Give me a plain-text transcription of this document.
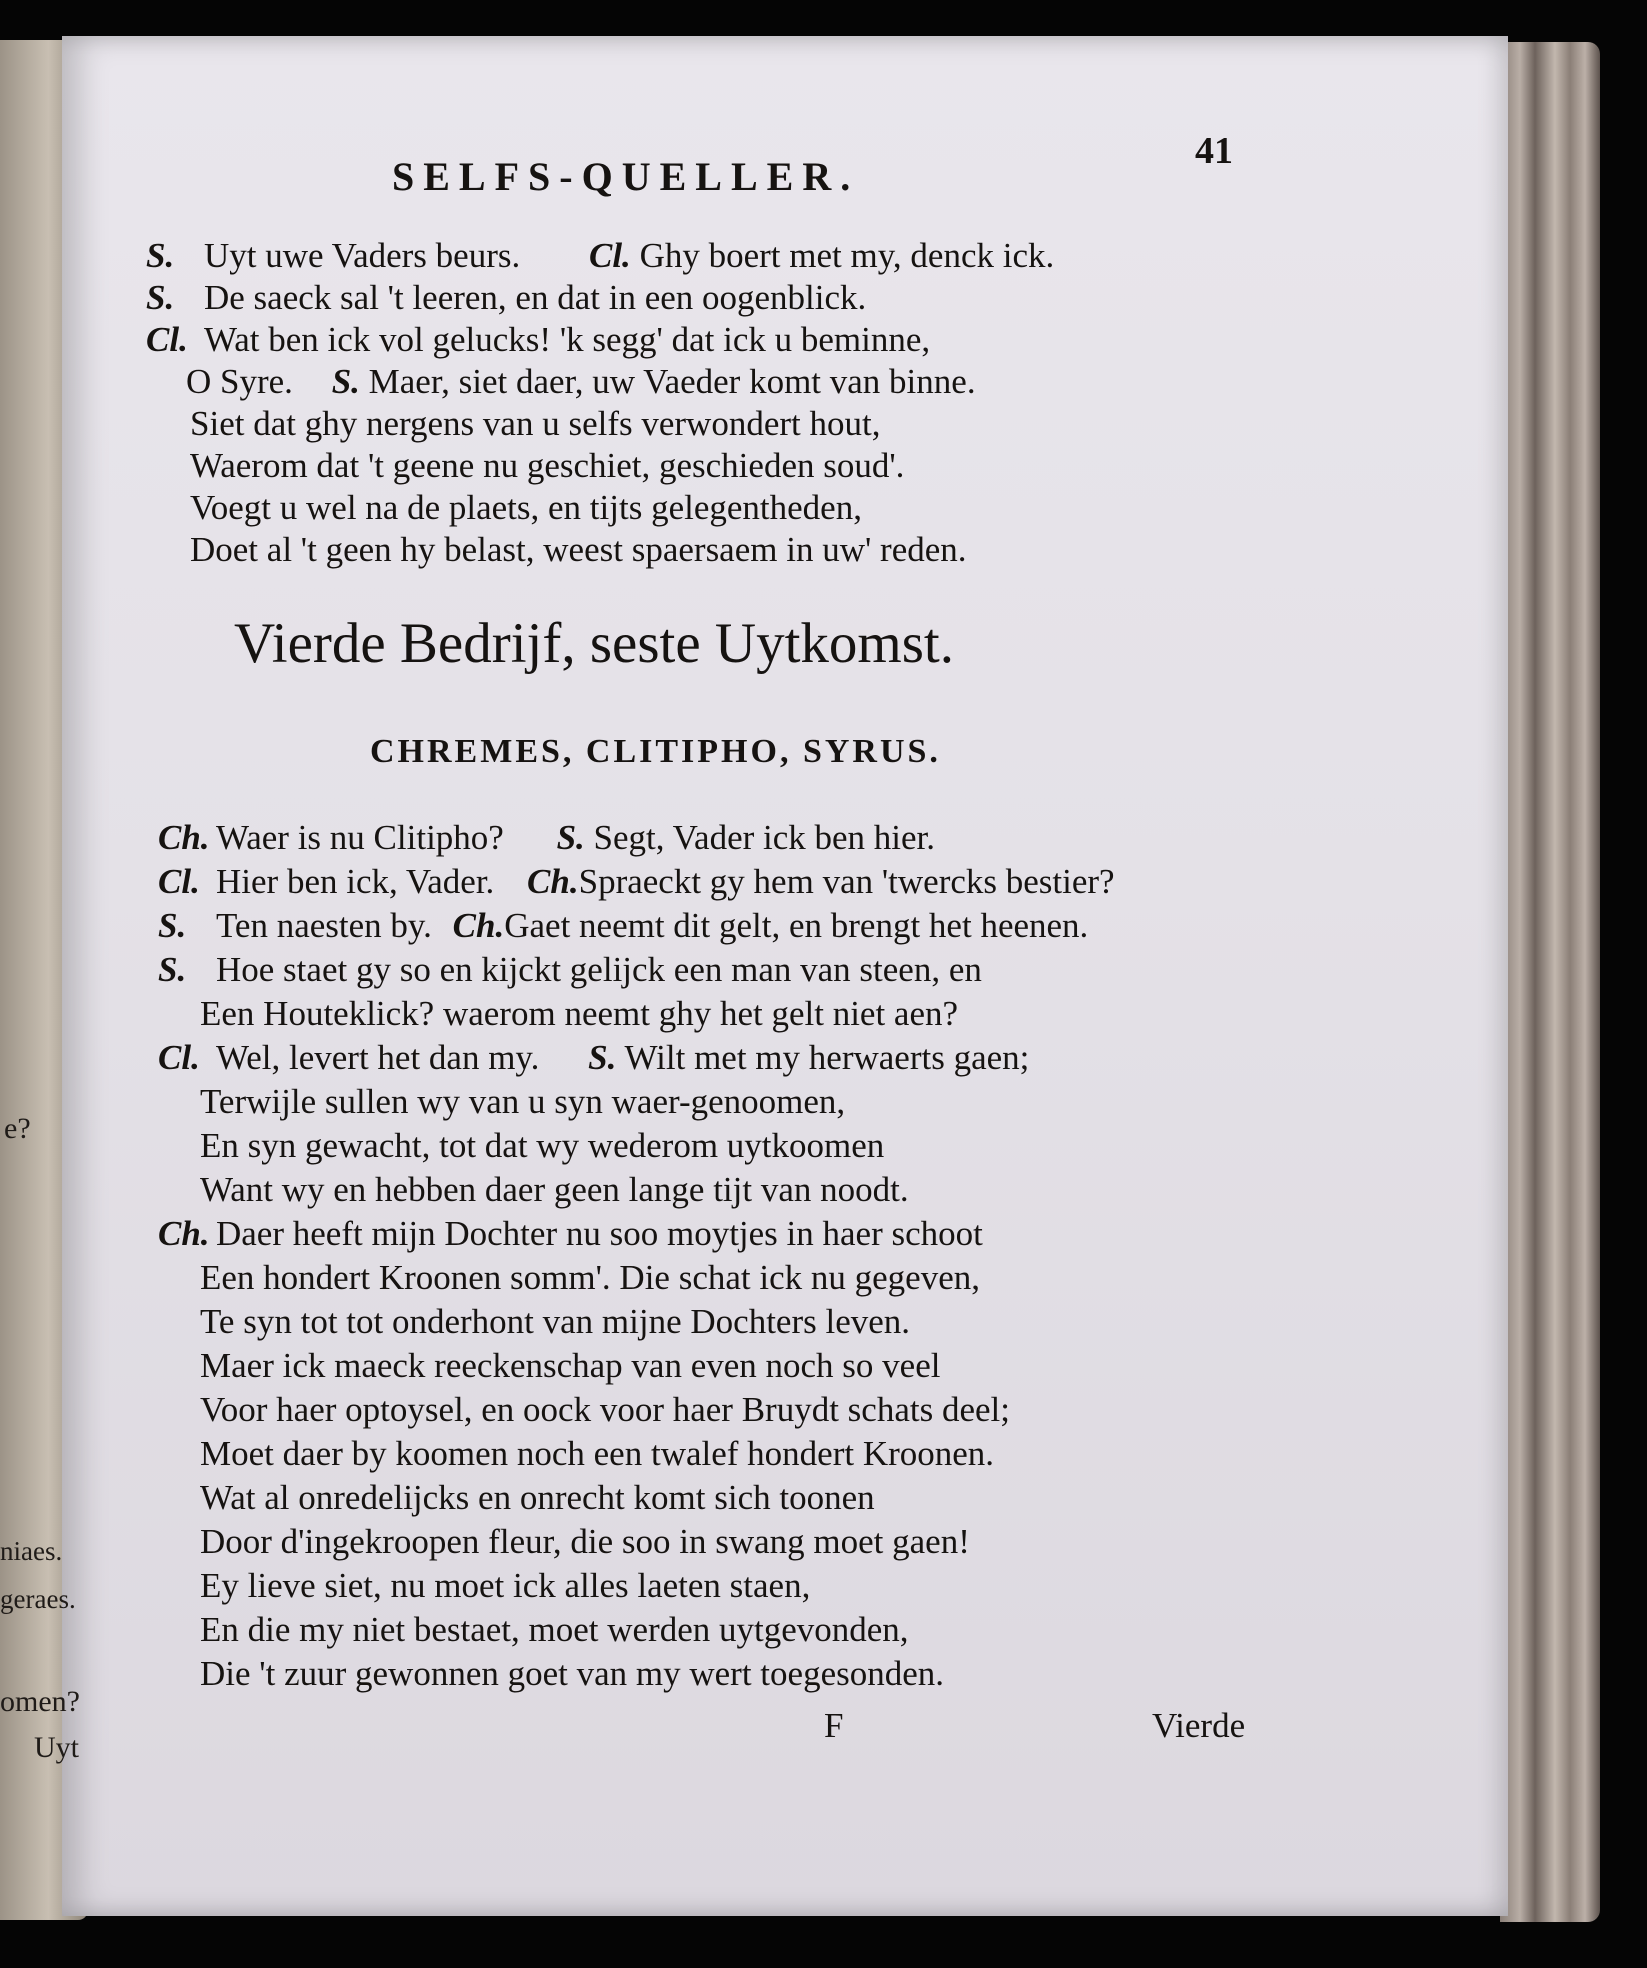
e?
niaes.
geraes.
omen?
Uyt
SELFS-QUELLER.
41
S. Uyt uwe Vaders beurs. Cl. Ghy boert met my, denck ick.
S. De saeck sal 't leeren, en dat in een oogenblick.
Cl. Wat ben ick vol gelucks! 'k segg' dat ick u beminne,
O Syre. S. Maer, siet daer, uw Vaeder komt van binne.
Siet dat ghy nergens van u selfs verwondert hout,
Waerom dat 't geene nu geschiet, geschieden soud'.
Voegt u wel na de plaets, en tijts gelegentheden,
Doet al 't geen hy belast, weest spaersaem in uw' reden.
Vierde Bedrijf, seste Uytkomst.
CHREMES, CLITIPHO, SYRUS.
Ch. Waer is nu Clitipho? S. Segt, Vader ick ben hier.
Cl. Hier ben ick, Vader. Ch.Spraeckt gy hem van 'twercks bestier?
S. Ten naesten by. Ch.Gaet neemt dit gelt, en brengt het heenen.
S. Hoe staet gy so en kijckt gelijck een man van steen, en
Een Houteklick? waerom neemt ghy het gelt niet aen?
Cl. Wel, levert het dan my. S. Wilt met my herwaerts gaen;
Terwijle sullen wy van u syn waer-genoomen,
En syn gewacht, tot dat wy wederom uytkoomen
Want wy en hebben daer geen lange tijt van noodt.
Ch. Daer heeft mijn Dochter nu soo moytjes in haer schoot
Een hondert Kroonen somm'. Die schat ick nu gegeven,
Te syn tot tot onderhont van mijne Dochters leven.
Maer ick maeck reeckenschap van even noch so veel
Voor haer optoysel, en oock voor haer Bruydt schats deel;
Moet daer by koomen noch een twalef hondert Kroonen.
Wat al onredelijcks en onrecht komt sich toonen
Door d'ingekroopen fleur, die soo in swang moet gaen!
Ey lieve siet, nu moet ick alles laeten staen,
En die my niet bestaet, moet werden uytgevonden,
Die 't zuur gewonnen goet van my wert toegesonden.
F	Vierde
